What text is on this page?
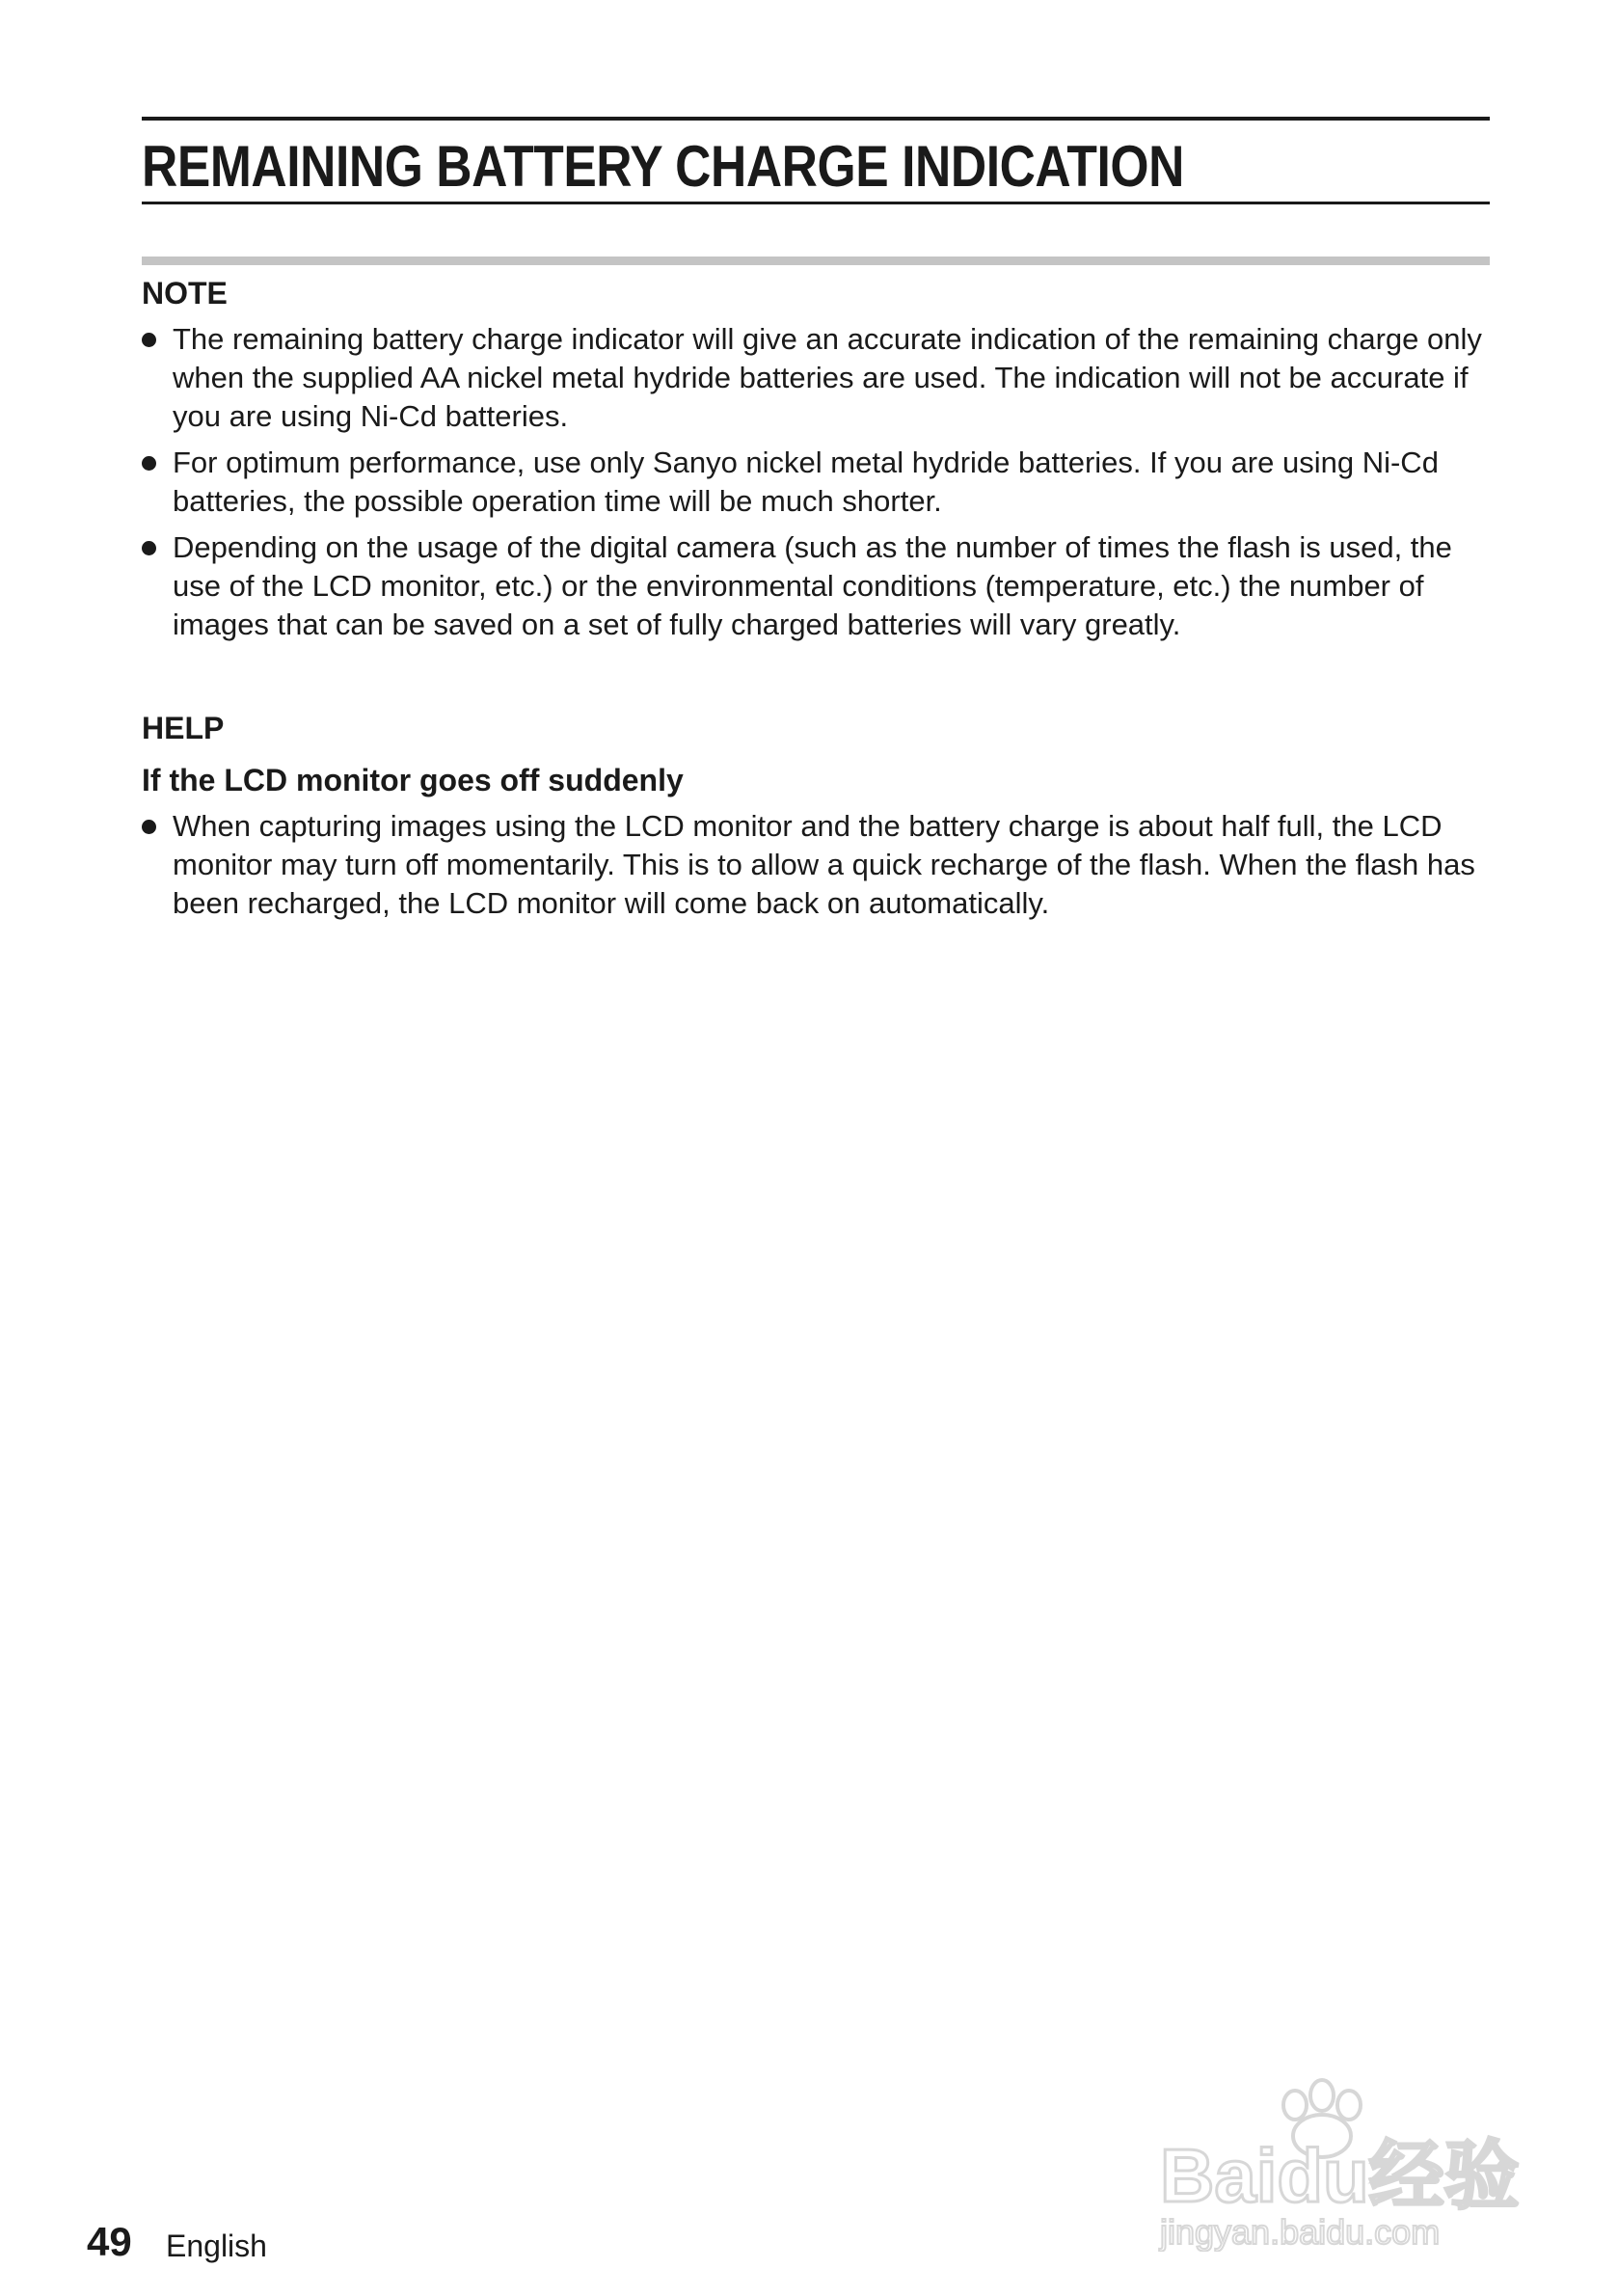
REMAINING BATTERY CHARGE INDICATION
NOTE
The remaining battery charge indicator will give an accurate indication of the remaining charge only when the supplied AA nickel metal hydride batteries are used. The indication will not be accurate if you are using Ni-Cd batteries.
For optimum performance, use only Sanyo nickel metal hydride batteries. If you are using Ni-Cd batteries, the possible operation time will be much shorter.
Depending on the usage of the digital camera (such as the number of times the flash is used, the use of the LCD monitor, etc.) or the environmental conditions (temperature, etc.) the number of images that can be saved on a set of fully charged batteries will vary greatly.
HELP
If the LCD monitor goes off suddenly
When capturing images using the LCD monitor and the battery charge is about half full, the LCD monitor may turn off momentarily. This is to allow a quick recharge of the flash. When the flash has been recharged, the LCD monitor will come back on automatically.
Baidu经验
jingyan.baidu.com
49 English
